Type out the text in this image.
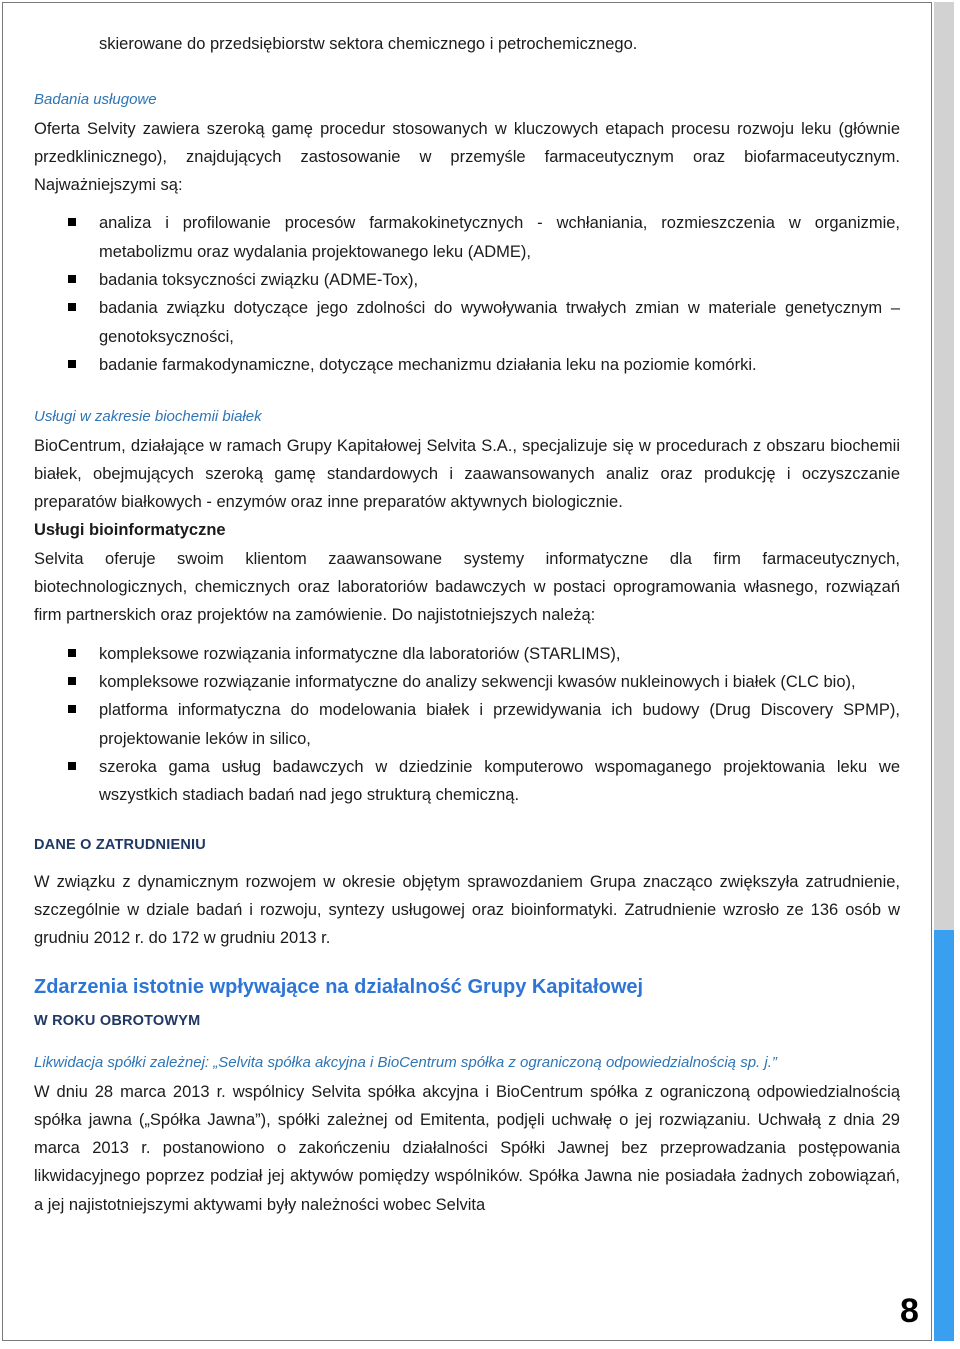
skierowane do przedsiębiorstw sektora chemicznego i petrochemicznego.
Badania usługowe
Oferta Selvity zawiera szeroką gamę procedur stosowanych w kluczowych etapach procesu rozwoju leku (głównie przedklinicznego), znajdujących zastosowanie w przemyśle farmaceutycznym oraz biofarmaceutycznym. Najważniejszymi są:
analiza i profilowanie procesów farmakokinetycznych - wchłaniania, rozmieszczenia w organizmie, metabolizmu oraz wydalania projektowanego leku (ADME),
badania toksyczności związku (ADME-Tox),
badania związku dotyczące jego zdolności do wywoływania trwałych zmian w materiale genetycznym – genotoksyczności,
badanie farmakodynamiczne, dotyczące mechanizmu działania leku na poziomie komórki.
Usługi w zakresie biochemii białek
BioCentrum, działające w ramach Grupy Kapitałowej Selvita S.A., specjalizuje się w procedurach z obszaru biochemii białek, obejmujących szeroką gamę standardowych i zaawansowanych analiz oraz produkcję i oczyszczanie preparatów białkowych - enzymów oraz inne preparatów aktywnych biologicznie.
Usługi bioinformatyczne
Selvita oferuje swoim klientom zaawansowane systemy informatyczne dla firm farmaceutycznych, biotechnologicznych, chemicznych oraz laboratoriów badawczych w postaci oprogramowania własnego, rozwiązań firm partnerskich oraz projektów na zamówienie. Do najistotniejszych należą:
kompleksowe rozwiązania informatyczne dla laboratoriów (STARLIMS),
kompleksowe rozwiązanie informatyczne do analizy sekwencji kwasów nukleinowych i białek (CLC bio),
platforma informatyczna do modelowania białek i przewidywania ich budowy (Drug Discovery SPMP), projektowanie leków in silico,
szeroka gama usług badawczych w dziedzinie komputerowo wspomaganego projektowania leku we wszystkich stadiach badań nad jego strukturą chemiczną.
DANE O ZATRUDNIENIU
W związku z dynamicznym rozwojem w okresie objętym sprawozdaniem Grupa znacząco zwiększyła zatrudnienie, szczególnie w dziale badań i rozwoju, syntezy usługowej oraz bioinformatyki. Zatrudnienie wzrosło ze 136 osób w grudniu 2012 r. do 172 w grudniu 2013 r.
Zdarzenia istotnie wpływające na działalność Grupy Kapitałowej
W ROKU OBROTOWYM
Likwidacja spółki zależnej: „Selvita spółka akcyjna i BioCentrum spółka z ograniczoną odpowiedzialnością sp. j.”
W dniu 28 marca 2013 r. wspólnicy Selvita spółka akcyjna i BioCentrum spółka z ograniczoną odpowiedzialnością spółka jawna („Spółka Jawna”), spółki zależnej od Emitenta, podjęli uchwałę o jej rozwiązaniu. Uchwałą z dnia 29 marca 2013 r. postanowiono o zakończeniu działalności Spółki Jawnej bez przeprowadzania postępowania likwidacyjnego poprzez podział jej aktywów pomiędzy wspólników. Spółka Jawna nie posiadała żadnych zobowiązań, a jej najistotniejszymi aktywami były należności wobec Selvita
8
